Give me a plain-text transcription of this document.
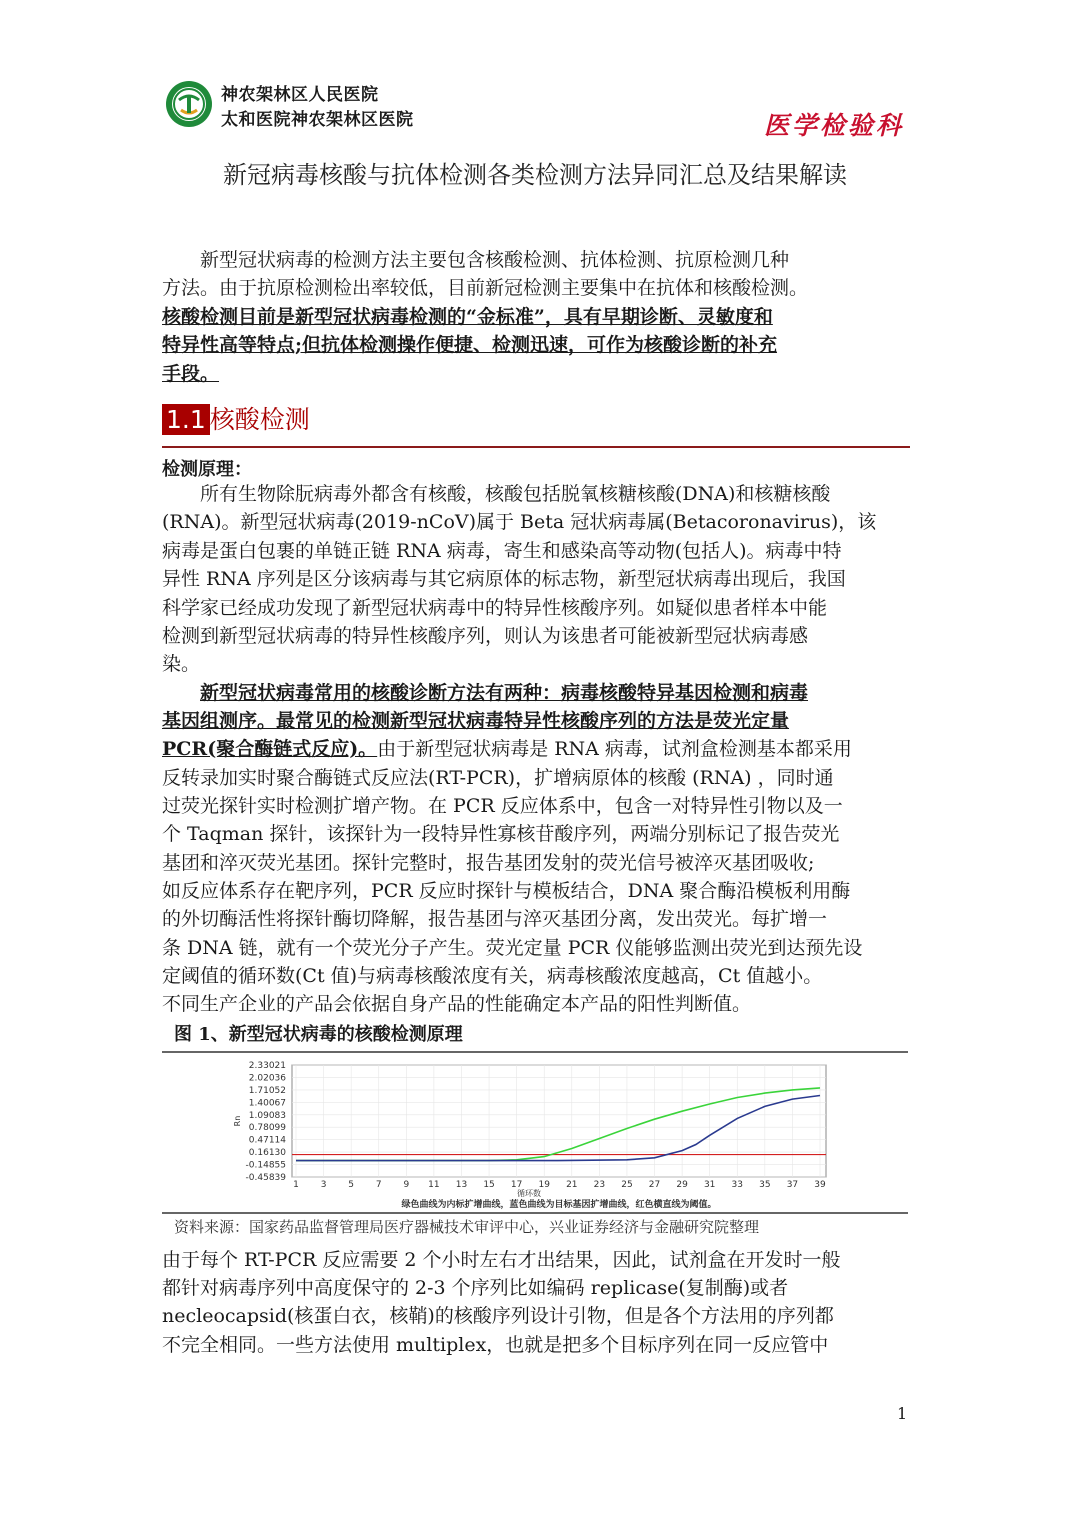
神农架林区人民医院
太和医院神农架林区医院	医学检验科
新冠病毒核酸与抗体检测各类检测方法异同汇总及结果解读

新型冠状病毒的检测方法主要包含核酸检测、抗体检测、抗原检测几种

方法。由于抗原检测检出率较低，目前新冠检测主要集中在抗体和核酸检测。

核酸检测目前是新型冠状病毒检测的“金标准”，具有早期诊断、灵敏度和

特异性高等特点;但抗体检测操作便捷、检测迅速，可作为核酸诊断的补充

手段。

1.1 核酸检测
检测原理：

所有生物除朊病毒外都含有核酸，核酸包括脱氧核糖核酸(DNA)和核糖核酸

(RNA)。新型冠状病毒(2019-nCoV)属于 Beta 冠状病毒属(Betacoronavirus)，该

病毒是蛋白包裹的单链正链 RNA 病毒，寄生和感染高等动物(包括人)。病毒中特

异性 RNA 序列是区分该病毒与其它病原体的标志物，新型冠状病毒出现后，我国

科学家已经成功发现了新型冠状病毒中的特异性核酸序列。如疑似患者样本中能

检测到新型冠状病毒的特异性核酸序列，则认为该患者可能被新型冠状病毒感

染。

新型冠状病毒常用的核酸诊断方法有两种：病毒核酸特异基因检测和病毒

基因组测序。最常见的检测新型冠状病毒特异性核酸序列的方法是荧光定量

PCR(聚合酶链式反应)。由于新型冠状病毒是 RNA 病毒，试剂盒检测基本都采用

反转录加实时聚合酶链式反应法(RT-PCR)，扩增病原体的核酸 (RNA) ，同时通

过荧光探针实时检测扩增产物。在 PCR 反应体系中，包含一对特异性引物以及一

个 Taqman 探针，该探针为一段特异性寡核苷酸序列，两端分别标记了报告荧光

基团和淬灭荧光基团。探针完整时，报告基团发射的荧光信号被淬灭基团吸收;

如反应体系存在靶序列，PCR 反应时探针与模板结合，DNA 聚合酶沿模板利用酶

的外切酶活性将探针酶切降解，报告基团与淬灭基团分离，发出荧光。每扩增一

条 DNA 链，就有一个荧光分子产生。荧光定量 PCR 仪能够监测出荧光到达预先设

定阈值的循环数(Ct 值)与病毒核酸浓度有关，病毒核酸浓度越高，Ct 值越小。

不同生产企业的产品会依据自身产品的性能确定本产品的阳性判断值。

图 1、新型冠状病毒的核酸检测原理
2.33021
2.02036
1.71052
1.40067
1.09083
0.78099
0.47114
0.16130
-0.14855
-0.45839
1 3 5 7 9 11 13 15 17 19 21 23 25 27 29 31 33 35 37 39
Rn
循环数
绿色曲线为内标扩增曲线，蓝色曲线为目标基因扩增曲线，红色横直线为阈值。
资料来源：国家药品监督管理局医疗器械技术审评中心，兴业证券经济与金融研究院整理

由于每个 RT-PCR 反应需要 2 个小时左右才出结果，因此，试剂盒在开发时一般

都针对病毒序列中高度保守的 2-3 个序列比如编码 replicase(复制酶)或者

necleocapsid(核蛋白衣，核鞘)的核酸序列设计引物，但是各个方法用的序列都

不完全相同。一些方法使用 multiplex，也就是把多个目标序列在同一反应管中

1
